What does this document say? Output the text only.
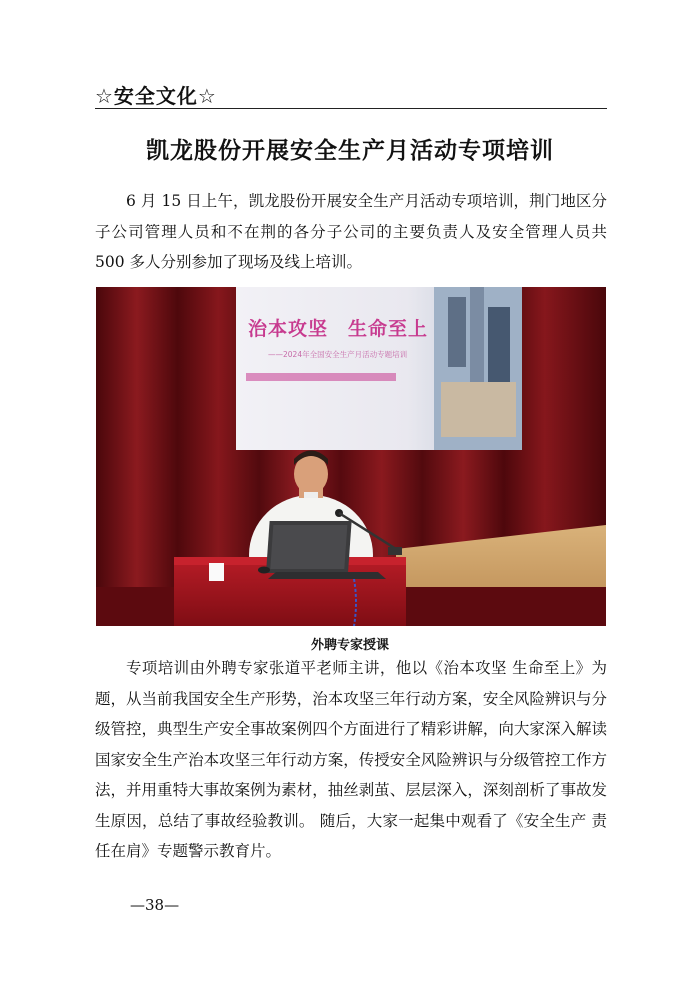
☆安全文化☆
凯龙股份开展安全生产月活动专项培训

6 月 15 日上午，凯龙股份开展安全生产月活动专项培训，荆门地区分子公司管理人员和不在荆的各分子公司的主要负责人及安全管理人员共 500 多人分别参加了现场及线上培训。

治本攻坚　生命至上
——2024年全国安全生产月活动专题培训
外聘专家授课

专项培训由外聘专家张道平老师主讲，他以《治本攻坚 生命至上》为题，从当前我国安全生产形势，治本攻坚三年行动方案，安全风险辨识与分级管控，典型生产安全事故案例四个方面进行了精彩讲解，向大家深入解读国家安全生产治本攻坚三年行动方案，传授安全风险辨识与分级管控工作方法，并用重特大事故案例为素材，抽丝剥茧、层层深入，深刻剖析了事故发生原因，总结了事故经验教训。 随后，大家一起集中观看了《安全生产 责任在肩》专题警示教育片。

—38—
